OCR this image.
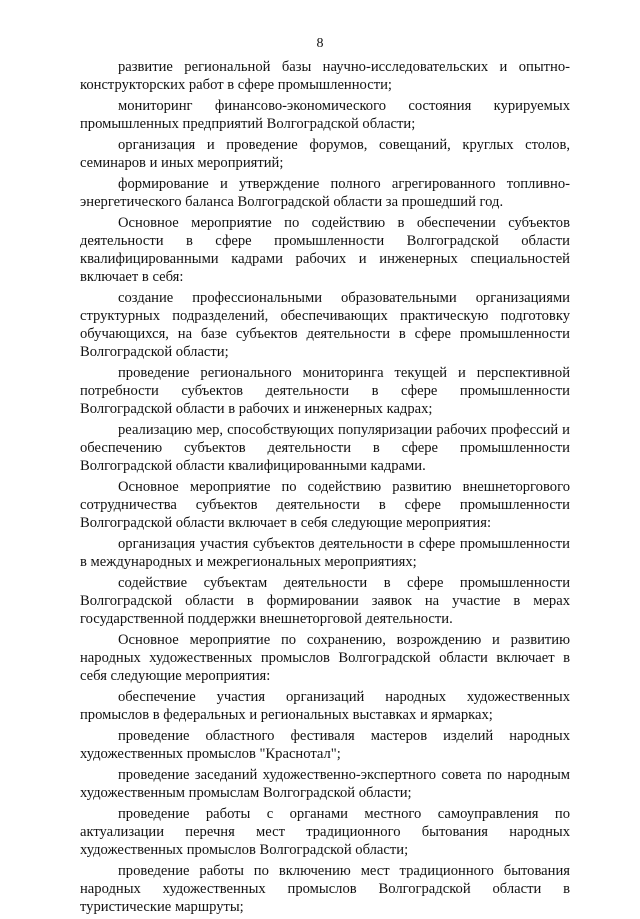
8

развитие региональной базы научно-исследовательских и опытно-конструкторских работ в сфере промышленности;

мониторинг финансово-экономического состояния курируемых промышленных предприятий Волгоградской области;

организация и проведение форумов, совещаний, круглых столов, семинаров и иных мероприятий;

формирование и утверждение полного агрегированного топливно-энергетического баланса Волгоградской области за прошедший год.

Основное мероприятие по содействию в обеспечении субъектов деятельности в сфере промышленности Волгоградской области квалифицированными кадрами рабочих и инженерных специальностей включает в себя:

создание профессиональными образовательными организациями структурных подразделений, обеспечивающих практическую подготовку обучающихся, на базе субъектов деятельности в сфере промышленности Волгоградской области;

проведение регионального мониторинга текущей и перспективной потребности субъектов деятельности в сфере промышленности Волгоградской области в рабочих и инженерных кадрах;

реализацию мер, способствующих популяризации рабочих профессий и обеспечению субъектов деятельности в сфере промышленности Волгоградской области квалифицированными кадрами.

Основное мероприятие по содействию развитию внешнеторгового сотрудничества субъектов деятельности в сфере промышленности Волгоградской области включает в себя следующие мероприятия:

организация участия субъектов деятельности в сфере промышленности в международных и межрегиональных мероприятиях;

содействие субъектам деятельности в сфере промышленности Волгоградской области в формировании заявок на участие в мерах государственной поддержки внешнеторговой деятельности.

Основное мероприятие по сохранению, возрождению и развитию народных художественных промыслов Волгоградской области включает в себя следующие мероприятия:

обеспечение участия организаций народных художественных промыслов в федеральных и региональных выставках и ярмарках;

проведение областного фестиваля мастеров изделий народных художественных промыслов "Краснотал";

проведение заседаний художественно-экспертного совета по народным художественным промыслам Волгоградской области;

проведение работы с органами местного самоуправления по актуализации перечня мест традиционного бытования народных художественных промыслов Волгоградской области;

проведение работы по включению мест традиционного бытования народных художественных промыслов Волгоградской области в туристические маршруты;
